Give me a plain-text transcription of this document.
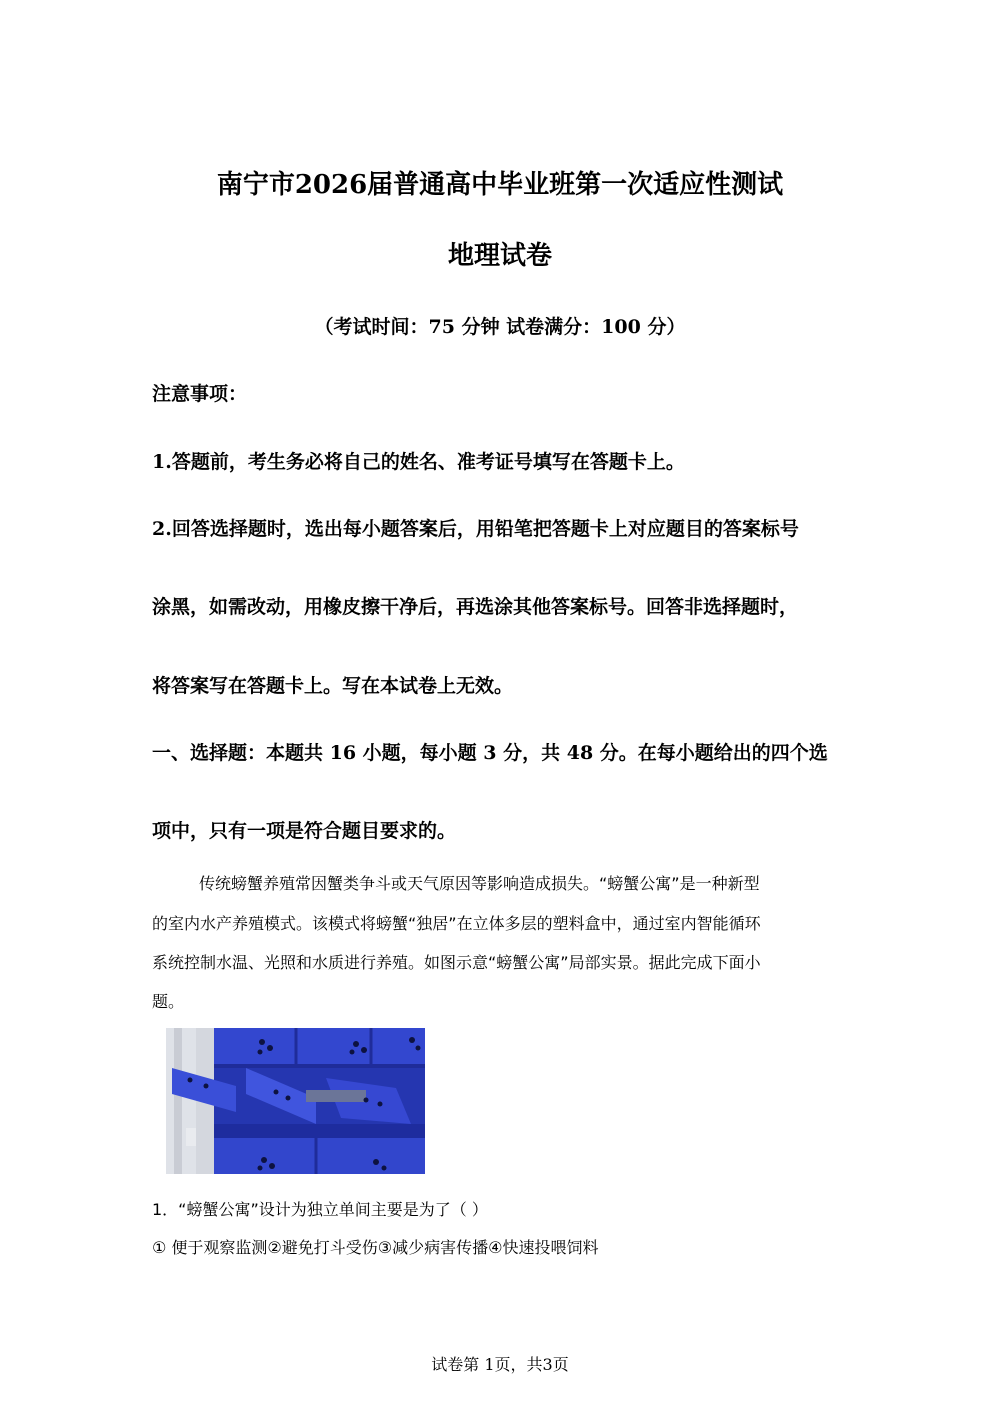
南宁市2026届普通高中毕业班第一次适应性测试
地理试卷
（考试时间：75 分钟 试卷满分：100 分）
注意事项：
1.答题前，考生务必将自己的姓名、准考证号填写在答题卡上。
2.回答选择题时，选出每小题答案后，用铅笔把答题卡上对应题目的答案标号
涂黑，如需改动，用橡皮擦干净后，再选涂其他答案标号。回答非选择题时，
将答案写在答题卡上。写在本试卷上无效。
一、选择题：本题共 16 小题，每小题 3 分，共 48 分。在每小题给出的四个选
项中，只有一项是符合题目要求的。
传统螃蟹养殖常因蟹类争斗或天气原因等影响造成损失。“螃蟹公寓”是一种新型
的室内水产养殖模式。该模式将螃蟹“独居”在立体多层的塑料盒中，通过室内智能循环
系统控制水温、光照和水质进行养殖。如图示意“螃蟹公寓”局部实景。据此完成下面小
题。
1．“螃蟹公寓”设计为独立单间主要是为了（ ）
① 便于观察监测②避免打斗受伤③减少病害传播④快速投喂饲料
试卷第 1页，共3页
